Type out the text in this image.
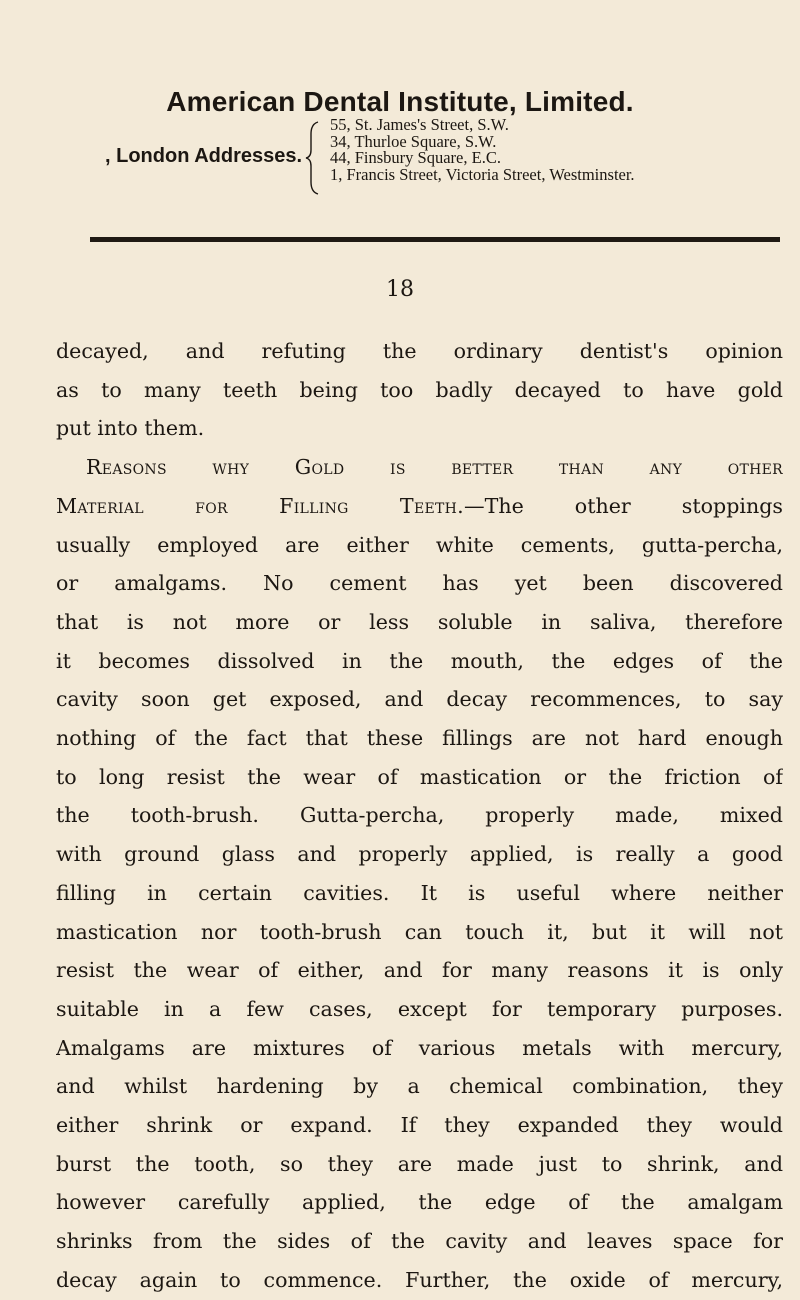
American Dental Institute, Limited.
, London Addresses.
55, St. James's Street, S.W.
34, Thurloe Square, S.W.
44, Finsbury Square, E.C.
1, Francis Street, Victoria Street, Westminster.
18
decayed, and refuting the ordinary dentist's opinion
as to many teeth being too badly decayed to have gold
put into them.
Reasons why Gold is better than any other
Material for Filling Teeth.—The other stoppings
usually employed are either white cements, gutta-percha,
or amalgams. No cement has yet been discovered
that is not more or less soluble in saliva, therefore
it becomes dissolved in the mouth, the edges of the
cavity soon get exposed, and decay recommences, to say
nothing of the fact that these fillings are not hard enough
to long resist the wear of mastication or the friction of
the tooth-brush. Gutta-percha, properly made, mixed
with ground glass and properly applied, is really a good
filling in certain cavities. It is useful where neither
mastication nor tooth-brush can touch it, but it will not
resist the wear of either, and for many reasons it is only
suitable in a few cases, except for temporary purposes.
Amalgams are mixtures of various metals with mercury,
and whilst hardening by a chemical combination, they
either shrink or expand. If they expanded they would
burst the tooth, so they are made just to shrink, and
however carefully applied, the edge of the amalgam
shrinks from the sides of the cavity and leaves space for
decay again to commence. Further, the oxide of mercury,
